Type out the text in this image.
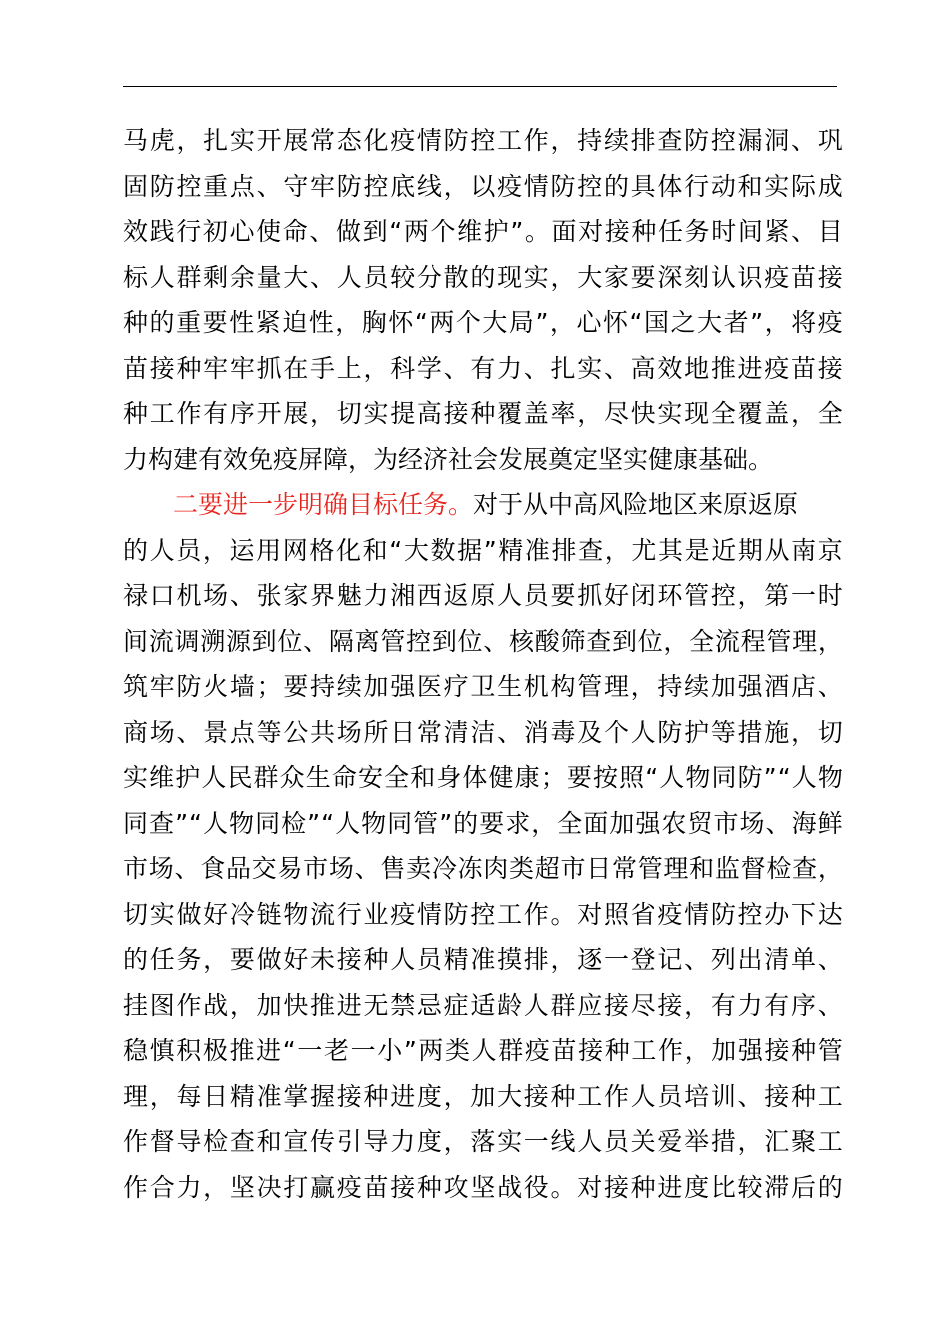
马 虎 ， 扎 实 开 展 常 态 化 疫 情 防 控 工 作 ， 持 续 排 查 防 控 漏 洞 、 巩
固 防 控 重 点 、 守 牢 防 控 底 线 ， 以 疫 情 防 控 的 具 体 行 动 和 实 际 成
效 践 行 初 心 使 命 、 做 到 “ 两 个 维 护 ” 。 面 对 接 种 任 务 时 间 紧 、 目
标 人 群 剩 余 量 大 、 人 员 较 分 散 的 现 实 ， 大 家 要 深 刻 认 识 疫 苗 接
种 的 重 要 性 紧 迫 性 ， 胸 怀 “ 两 个 大 局 ” ， 心 怀 “ 国 之 大 者 ” ， 将 疫
苗 接 种 牢 牢 抓 在 手 上 ， 科 学 、 有 力 、 扎 实 、 高 效 地 推 进 疫 苗 接
种 工 作 有 序 开 展 ， 切 实 提 高 接 种 覆 盖 率 ， 尽 快 实 现 全 覆 盖 ， 全
力构建有效免疫屏障，为经济社会发展奠定坚实健康基础。
二要进一步明确目标任务。 对于从中高风险地区来原返原
的 人 员 ， 运 用 网 格 化 和 “ 大 数 据 ” 精 准 排 查 ， 尤 其 是 近 期 从 南 京
禄 口 机 场 、 张 家 界 魅 力 湘 西 返 原 人 员 要 抓 好 闭 环 管 控 ， 第 一 时
间 流 调 溯 源 到 位 、 隔 离 管 控 到 位 、 核 酸 筛 查 到 位 ， 全 流 程 管 理 ，
筑 牢 防 火 墙 ； 要 持 续 加 强 医 疗 卫 生 机 构 管 理 ， 持 续 加 强 酒 店 、
商 场 、 景 点 等 公 共 场 所 日 常 清 洁 、 消 毒 及 个 人 防 护 等 措 施 ， 切
实 维 护 人 民 群 众 生 命 安 全 和 身 体 健 康 ； 要 按 照 “ 人 物 同 防 ” “ 人 物
同 查 ” “ 人 物 同 检 ” “ 人 物 同 管 ” 的 要 求 ， 全 面 加 强 农 贸 市 场 、 海 鲜
市 场 、 食 品 交 易 市 场 、 售 卖 冷 冻 肉 类 超 市 日 常 管 理 和 监 督 检 查 ，
切 实 做 好 冷 链 物 流 行 业 疫 情 防 控 工 作 。 对 照 省 疫 情 防 控 办 下 达
的 任 务 ， 要 做 好 未 接 种 人 员 精 准 摸 排 ， 逐 一 登 记 、 列 出 清 单 、
挂 图 作 战 ， 加 快 推 进 无 禁 忌 症 适 龄 人 群 应 接 尽 接 ， 有 力 有 序 、
稳 慎 积 极 推 进 “ 一 老 一 小 ” 两 类 人 群 疫 苗 接 种 工 作 ， 加 强 接 种 管
理 ， 每 日 精 准 掌 握 接 种 进 度 ， 加 大 接 种 工 作 人 员 培 训 、 接 种 工
作 督 导 检 查 和 宣 传 引 导 力 度 ， 落 实 一 线 人 员 关 爱 举 措 ， 汇 聚 工
作 合 力 ， 坚 决 打 赢 疫 苗 接 种 攻 坚 战 役 。 对 接 种 进 度 比 较 滞 后 的
